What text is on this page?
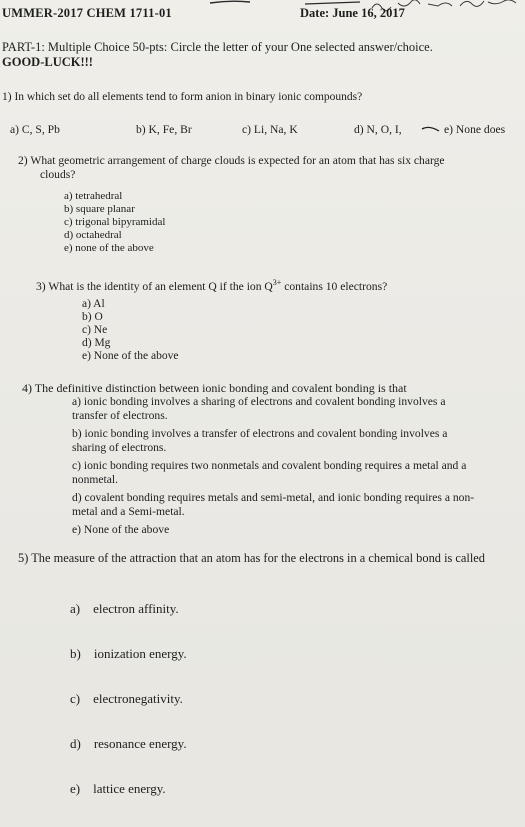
UMMER-2017 CHEM 1711-01	Date: June 16, 2017
PART-1: Multiple Choice 50-pts: Circle the letter of your One selected answer/choice.
GOOD-LUCK!!!
1) In which set do all elements tend to form anion in binary ionic compounds?
a) C, S, Pb	b) K, Fe, Br	c) Li, Na, K	d) N, O, I,	e) None does
2) What geometric arrangement of charge clouds is expected for an atom that has six charge
clouds?
a) tetrahedral
b) square planar
c) trigonal bipyramidal
d) octahedral
e) none of the above
3) What is the identity of an element Q if the ion $Q^{3+}$ contains 10 electrons?
a) Al
b) O
c) Ne
d) Mg
e) None of the above
4) The definitive distinction between ionic bonding and covalent bonding is that
a) ionic bonding involves a sharing of electrons and covalent bonding involves a
transfer of electrons.
b) ionic bonding involves a transfer of electrons and covalent bonding involves a
sharing of electrons.
c) ionic bonding requires two nonmetals and covalent bonding requires a metal and a
nonmetal.
d) covalent bonding requires metals and semi-metal, and ionic bonding requires a non-
metal and a Semi-metal.
e) None of the above
5) The measure of the attraction that an atom has for the electrons in a chemical bond is called

a)    electron affinity.

b)    ionization energy.

c)    electronegativity.

d)    resonance energy.

e)    lattice energy.
